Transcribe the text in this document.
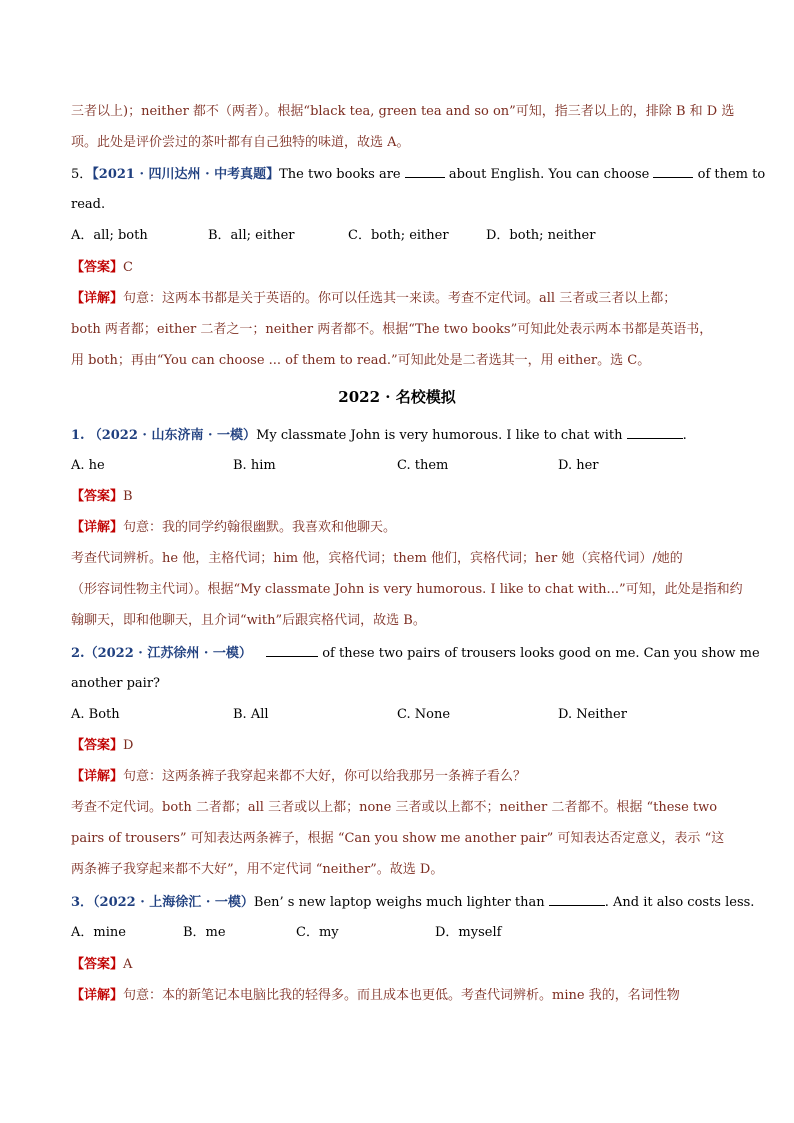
三者以上)；neither 都不（两者）。根据“black tea, green tea and so on”可知，指三者以上的，排除 B 和 D 选
项。此处是评价尝过的茶叶都有自己独特的味道，故选 A。
5．【2021 · 四川达州 · 中考真题】The two books are	about English. You can choose	of them to
read.
A．all; both	B．all; either	C．both; either	D．both; neither
【答案】C
【详解】句意：这两本书都是关于英语的。你可以任选其一来读。考查不定代词。all 三者或三者以上都；
both 两者都；either 二者之一；neither 两者都不。根据“The two books”可知此处表示两本书都是英语书，
用 both；再由“You can choose ... of them to read.”可知此处是二者选其一，用 either。选 C。
2022 · 名校模拟
1. （2022 · 山东济南 · 一模）My classmate John is very humorous. I like to chat with	.
A. he	B. him	C. them	D. her
【答案】B
【详解】句意：我的同学约翰很幽默。我喜欢和他聊天。
考查代词辨析。he 他，主格代词；him 他，宾格代词；them 他们，宾格代词；her 她（宾格代词）/她的
（形容词性物主代词）。根据“My classmate John is very humorous. I like to chat with...”可知，此处是指和约
翰聊天，即和他聊天，且介词“with”后跟宾格代词，故选 B。
2.（2022 · 江苏徐州 · 一模）	of these two pairs of trousers looks good on me. Can you show me
another pair?
A. Both	B. All	C. None	D. Neither
【答案】D
【详解】句意：这两条裤子我穿起来都不大好，你可以给我那另一条裤子看么？
考查不定代词。both 二者都；all 三者或以上都；none 三者或以上都不；neither 二者都不。根据 “these two
pairs of trousers” 可知表达两条裤子，根据 “Can you show me another pair” 可知表达否定意义，表示 “这
两条裤子我穿起来都不大好”，用不定代词 “neither”。故选 D。
3．（2022 · 上海徐汇 · 一模）Ben’ s new laptop weighs much lighter than	. And it also costs less.
A．mine	B．me	C．my	D．myself
【答案】A
【详解】句意：本的新笔记本电脑比我的轻得多。而且成本也更低。考查代词辨析。mine 我的，名词性物
